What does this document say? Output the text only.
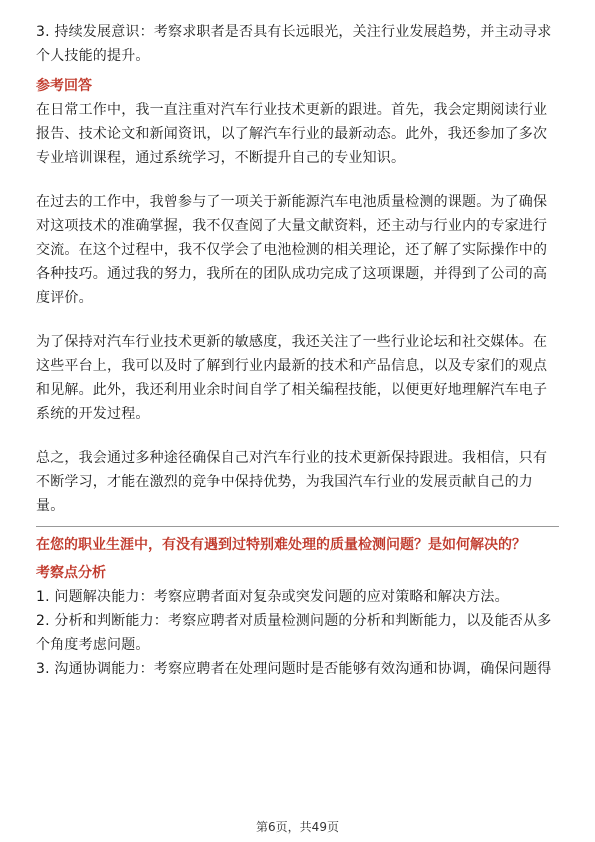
3. 持续发展意识：考察求职者是否具有长远眼光，关注行业发展趋势，并主动寻求个人技能的提升。

参考回答

在日常工作中，我一直注重对汽车行业技术更新的跟进。首先，我会定期阅读行业报告、技术论文和新闻资讯，以了解汽车行业的最新动态。此外，我还参加了多次专业培训课程，通过系统学习，不断提升自己的专业知识。

在过去的工作中，我曾参与了一项关于新能源汽车电池质量检测的课题。为了确保对这项技术的准确掌握，我不仅查阅了大量文献资料，还主动与行业内的专家进行交流。在这个过程中，我不仅学会了电池检测的相关理论，还了解了实际操作中的各种技巧。通过我的努力，我所在的团队成功完成了这项课题，并得到了公司的高度评价。

为了保持对汽车行业技术更新的敏感度，我还关注了一些行业论坛和社交媒体。在这些平台上，我可以及时了解到行业内最新的技术和产品信息，以及专家们的观点和见解。此外，我还利用业余时间自学了相关编程技能，以便更好地理解汽车电子系统的开发过程。

总之，我会通过多种途径确保自己对汽车行业的技术更新保持跟进。我相信，只有不断学习，才能在激烈的竞争中保持优势，为我国汽车行业的发展贡献自己的力量。

在您的职业生涯中，有没有遇到过特别难处理的质量检测问题？是如何解决的？

考察点分析

1. 问题解决能力：考察应聘者面对复杂或突发问题的应对策略和解决方法。

2. 分析和判断能力：考察应聘者对质量检测问题的分析和判断能力，以及能否从多个角度考虑问题。

3. 沟通协调能力：考察应聘者在处理问题时是否能够有效沟通和协调，确保问题得

第6页，共49页
